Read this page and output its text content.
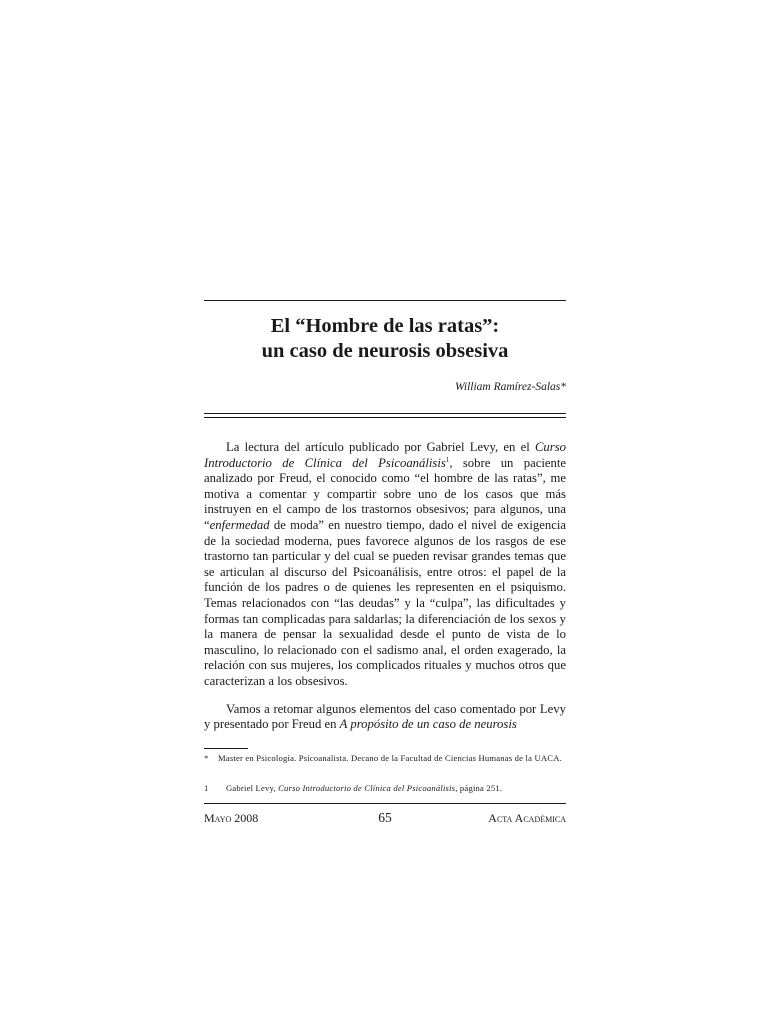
El “Hombre de las ratas”:
un caso de neurosis obsesiva
William Ramírez-Salas*

La lectura del artículo publicado por Gabriel Levy, en el Curso Introductorio de Clínica del Psicoanálisis$^1$, sobre un paciente analizado por Freud, el conocido como “el hombre de las ratas”, me motiva a comentar y compartir sobre uno de los casos que más instruyen en el campo de los trastornos obsesivos; para algunos, una “enfermedad de moda” en nuestro tiempo, dado el nivel de exigencia de la sociedad moderna, pues favorece algunos de los rasgos de ese trastorno tan particular y del cual se pueden revisar grandes temas que se articulan al discurso del Psicoanálisis, entre otros: el papel de la función de los padres o de quienes les representen en el psiquismo. Temas relacionados con “las deudas” y la “culpa”, las dificultades y formas tan complicadas para saldarlas; la diferenciación de los sexos y la manera de pensar la sexualidad desde el punto de vista de lo masculino, lo relacionado con el sadismo anal, el orden exagerado, la relación con sus mujeres, los complicados rituales y muchos otros que caracterizan a los obsesivos.

Vamos a retomar algunos elementos del caso comentado por Levy y presentado por Freud en A propósito de un caso de neurosis

* Master en Psicología. Psicoanalista. Decano de la Facultad de Ciencias Humanas de la UACA.
1 Gabriel Levy, Curso Introductorio de Clínica del Psicoanálisis, página 251.
Mayo 2008	65	Acta Académica
